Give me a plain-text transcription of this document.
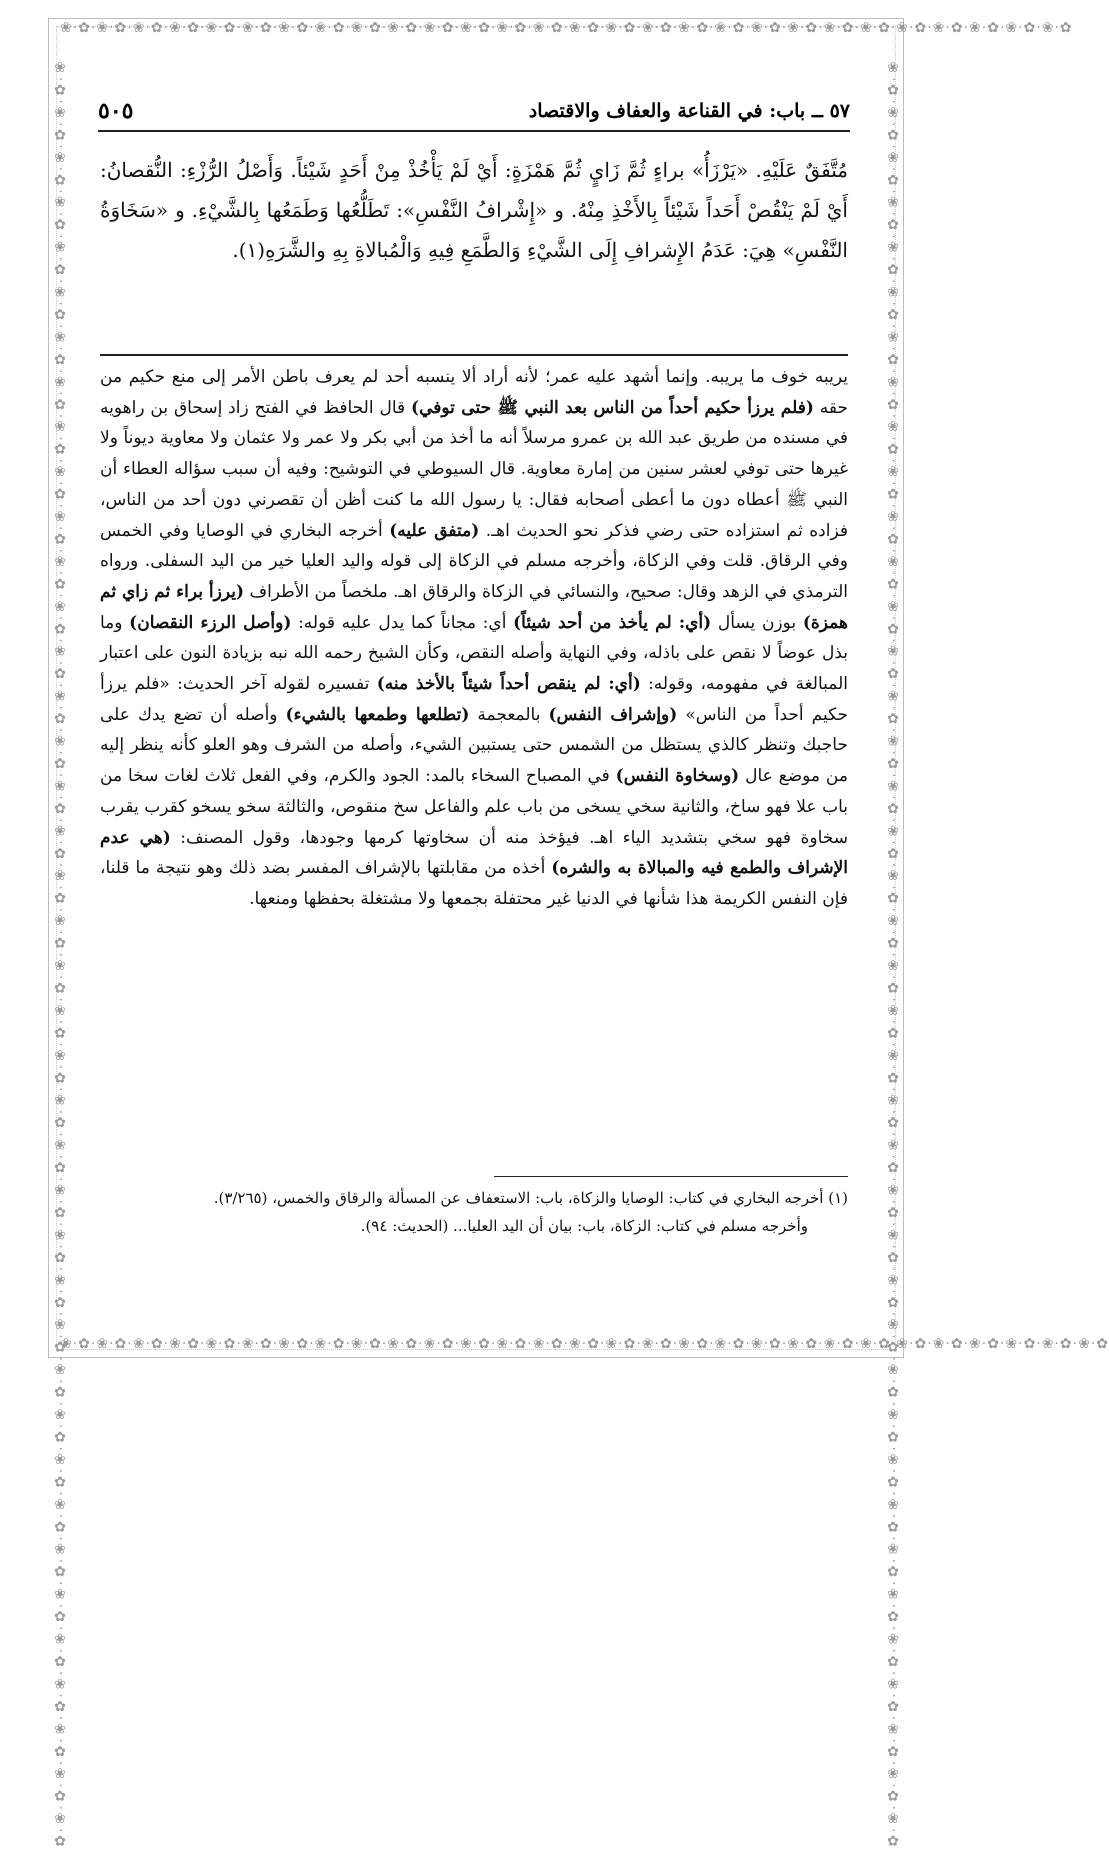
❀·✿·❀·✿·❀·✿·❀·✿·❀·✿·❀·✿·❀·✿·❀·✿·❀·✿·❀·✿·❀·✿·❀·✿·❀·✿·❀·✿·❀·✿·❀·✿·❀·✿·❀·✿·❀·✿·❀·✿·❀·✿·❀·✿·❀·✿·❀·✿·❀·✿·❀·✿·❀·✿·❀·✿
❀·✿·❀·✿·❀·✿·❀·✿·❀·✿·❀·✿·❀·✿·❀·✿·❀·✿·❀·✿·❀·✿·❀·✿·❀·✿·❀·✿·❀·✿·❀·✿·❀·✿·❀·✿·❀·✿·❀·✿·❀·✿·❀·✿·❀·✿·❀·✿·❀·✿·❀·✿·❀·✿·❀·✿·❀·✿
❀·✿·❀·✿·❀·✿·❀·✿·❀·✿·❀·✿·❀·✿·❀·✿·❀·✿·❀·✿·❀·✿·❀·✿·❀·✿·❀·✿·❀·✿·❀·✿·❀·✿·❀·✿·❀·✿·❀·✿·❀·✿·❀·✿·❀·✿·❀·✿·❀·✿·❀·✿·❀·✿·❀·✿·❀·✿·❀·✿·❀·✿·❀·✿·❀·✿·❀·✿·❀·✿·❀·✿·❀·✿·❀·✿·❀·✿·❀·✿	❀·✿·❀·✿·❀·✿·❀·✿·❀·✿·❀·✿·❀·✿·❀·✿·❀·✿·❀·✿·❀·✿·❀·✿·❀·✿·❀·✿·❀·✿·❀·✿·❀·✿·❀·✿·❀·✿·❀·✿·❀·✿·❀·✿·❀·✿·❀·✿·❀·✿·❀·✿·❀·✿·❀·✿·❀·✿·❀·✿·❀·✿·❀·✿·❀·✿·❀·✿·❀·✿·❀·✿·❀·✿·❀·✿·❀·✿·❀·✿
٥٧ ــ باب: في القناعة والعفاف والاقتصاد
٥٠٥

مُتَّفَقٌ عَلَيْهِ. «يَرْزَأُ» براءٍ ثُمَّ زَايٍ ثُمَّ هَمْزَةٍ: أَيْ لَمْ يَأْخُذْ مِنْ أَحَدٍ شَيْئاً. وَأَصْلُ الرُّزْءِ: النُّقصانُ: أَيْ لَمْ يَنْقُصْ أَحَداً شَيْئاً بِالأَخْذِ مِنْهُ. و «إِشْرافُ النَّفْسِ»: تَطَلُّعُها وَطَمَعُها بِالشَّيْءِ. و «سَخَاوَةُ النَّفْسِ» هِيَ: عَدَمُ الإِشرافِ إِلَى الشَّيْءِ وَالطَّمَعِ فِيهِ وَالْمُبالاةِ بِهِ والشَّرَهِ(١).

يريبه خوف ما يريبه. وإنما أشهد عليه عمر؛ لأنه أراد ألا ينسبه أحد لم يعرف باطن الأمر إلى منع حكيم من حقه (فلم يرزأ حكيم أحداً من الناس بعد النبي ﷺ حتى توفي) قال الحافظ في الفتح زاد إسحاق بن راهويه في مسنده من طريق عبد الله بن عمرو مرسلاً أنه ما أخذ من أبي بكر ولا عمر ولا عثمان ولا معاوية ديوناً ولا غيرها حتى توفي لعشر سنين من إمارة معاوية. قال السيوطي في التوشيح: وفيه أن سبب سؤاله العطاء أن النبي ﷺ أعطاه دون ما أعطى أصحابه فقال: يا رسول الله ما كنت أظن أن تقصرني دون أحد من الناس، فزاده ثم استزاده حتى رضي فذكر نحو الحديث اهـ. (متفق عليه) أخرجه البخاري في الوصايا وفي الخمس وفي الرقاق. قلت وفي الزكاة، وأخرجه مسلم في الزكاة إلى قوله واليد العليا خير من اليد السفلى. ورواه الترمذي في الزهد وقال: صحيح، والنسائي في الزكاة والرقاق اهـ. ملخصاً من الأطراف (يرزأ براء ثم زاي ثم همزة) بوزن يسأل (أي: لم يأخذ من أحد شيئاً) أي: مجاناً كما يدل عليه قوله: (وأصل الرزء النقصان) وما بذل عوضاً لا نقص على باذله، وفي النهاية وأصله النقص، وكأن الشيخ رحمه الله نبه بزيادة النون على اعتبار المبالغة في مفهومه، وقوله: (أي: لم ينقص أحداً شيئاً بالأخذ منه) تفسيره لقوله آخر الحديث: «فلم يرزأ حكيم أحداً من الناس» (وإشراف النفس) بالمعجمة (تطلعها وطمعها بالشيء) وأصله أن تضع يدك على حاجبك وتنظر كالذي يستظل من الشمس حتى يستبين الشيء، وأصله من الشرف وهو العلو كأنه ينظر إليه من موضع عال (وسخاوة النفس) في المصباح السخاء بالمد: الجود والكرم، وفي الفعل ثلاث لغات سخا من باب علا فهو ساخ، والثانية سخي يسخى من باب علم والفاعل سخ منقوص، والثالثة سخو يسخو كقرب يقرب سخاوة فهو سخي بتشديد الياء اهـ. فيؤخذ منه أن سخاوتها كرمها وجودها، وقول المصنف: (هي عدم الإشراف والطمع فيه والمبالاة به والشره) أخذه من مقابلتها بالإشراف المفسر بضد ذلك وهو نتيجة ما قلنا، فإن النفس الكريمة هذا شأنها في الدنيا غير محتفلة بجمعها ولا مشتغلة بحفظها ومنعها.

(١) أخرجه البخاري في كتاب: الوصايا والزكاة، باب: الاستعفاف عن المسألة والرقاق والخمس، (٣/٢٦٥).

وأخرجه مسلم في كتاب: الزكاة، باب: بيان أن اليد العليا... (الحديث: ٩٤).
